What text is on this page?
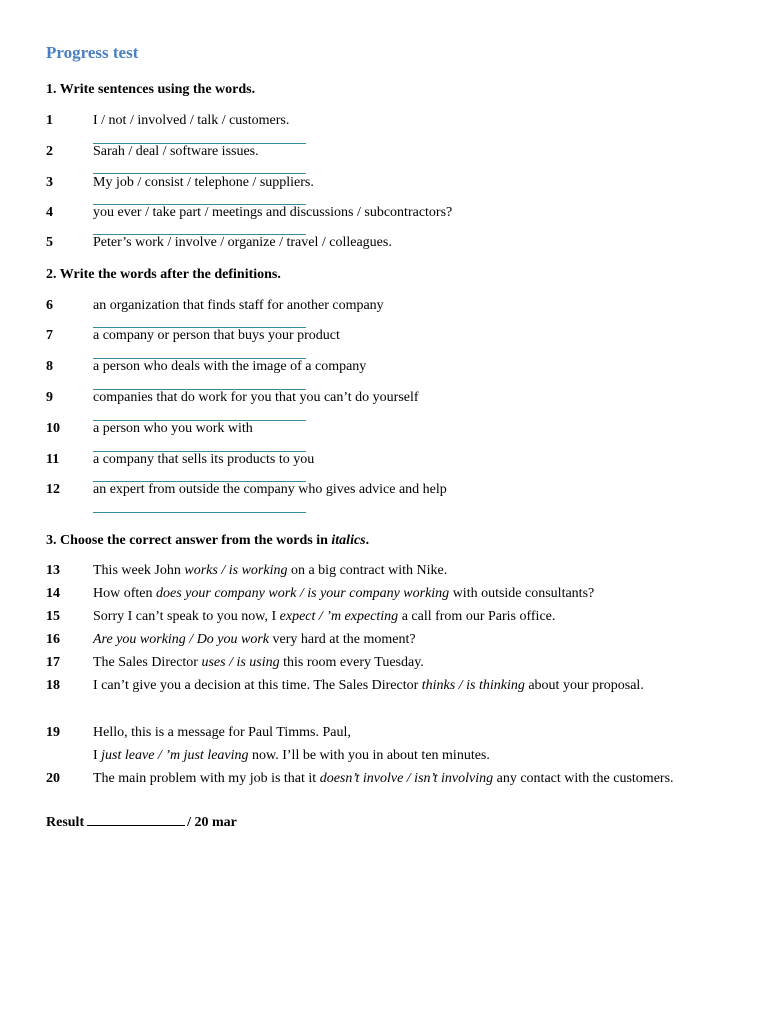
Progress test
1. Write sentences using the words.
1	I / not / involved / talk / customers.
2	Sarah / deal / software issues.
3	My job / consist / telephone / suppliers.
4	you ever / take part / meetings and discussions / subcontractors?
5	Peter’s work / involve / organize / travel / colleagues.
2. Write the words after the definitions.
6	an organization that finds staff for another company
7	a company or person that buys your product
8	a person who deals with the image of a company
9	companies that do work for you that you can’t do yourself
10 a person who you work with
11 a company that sells its products to you
12 an expert from outside the company who gives advice and help
3. Choose the correct answer from the words in italics.
13 This week John works / is working on a big contract with Nike.
14 How often does your company work / is your company working with outside consultants?
15 Sorry I can’t speak to you now, I expect / ’m expecting a call from our Paris office.
16 Are you working / Do you work very hard at the moment?
17 The Sales Director uses / is using this room every Tuesday.
18 I can’t give you a decision at this time. The Sales Director thinks / is thinking about your proposal.
19 Hello, this is a message for Paul Timms. Paul,
I just leave / ’m just leaving now. I’ll be with you in about ten minutes.
20 The main problem with my job is that it doesn’t involve / isn’t involving any contact with the customers.
Result	/ 20 mar
